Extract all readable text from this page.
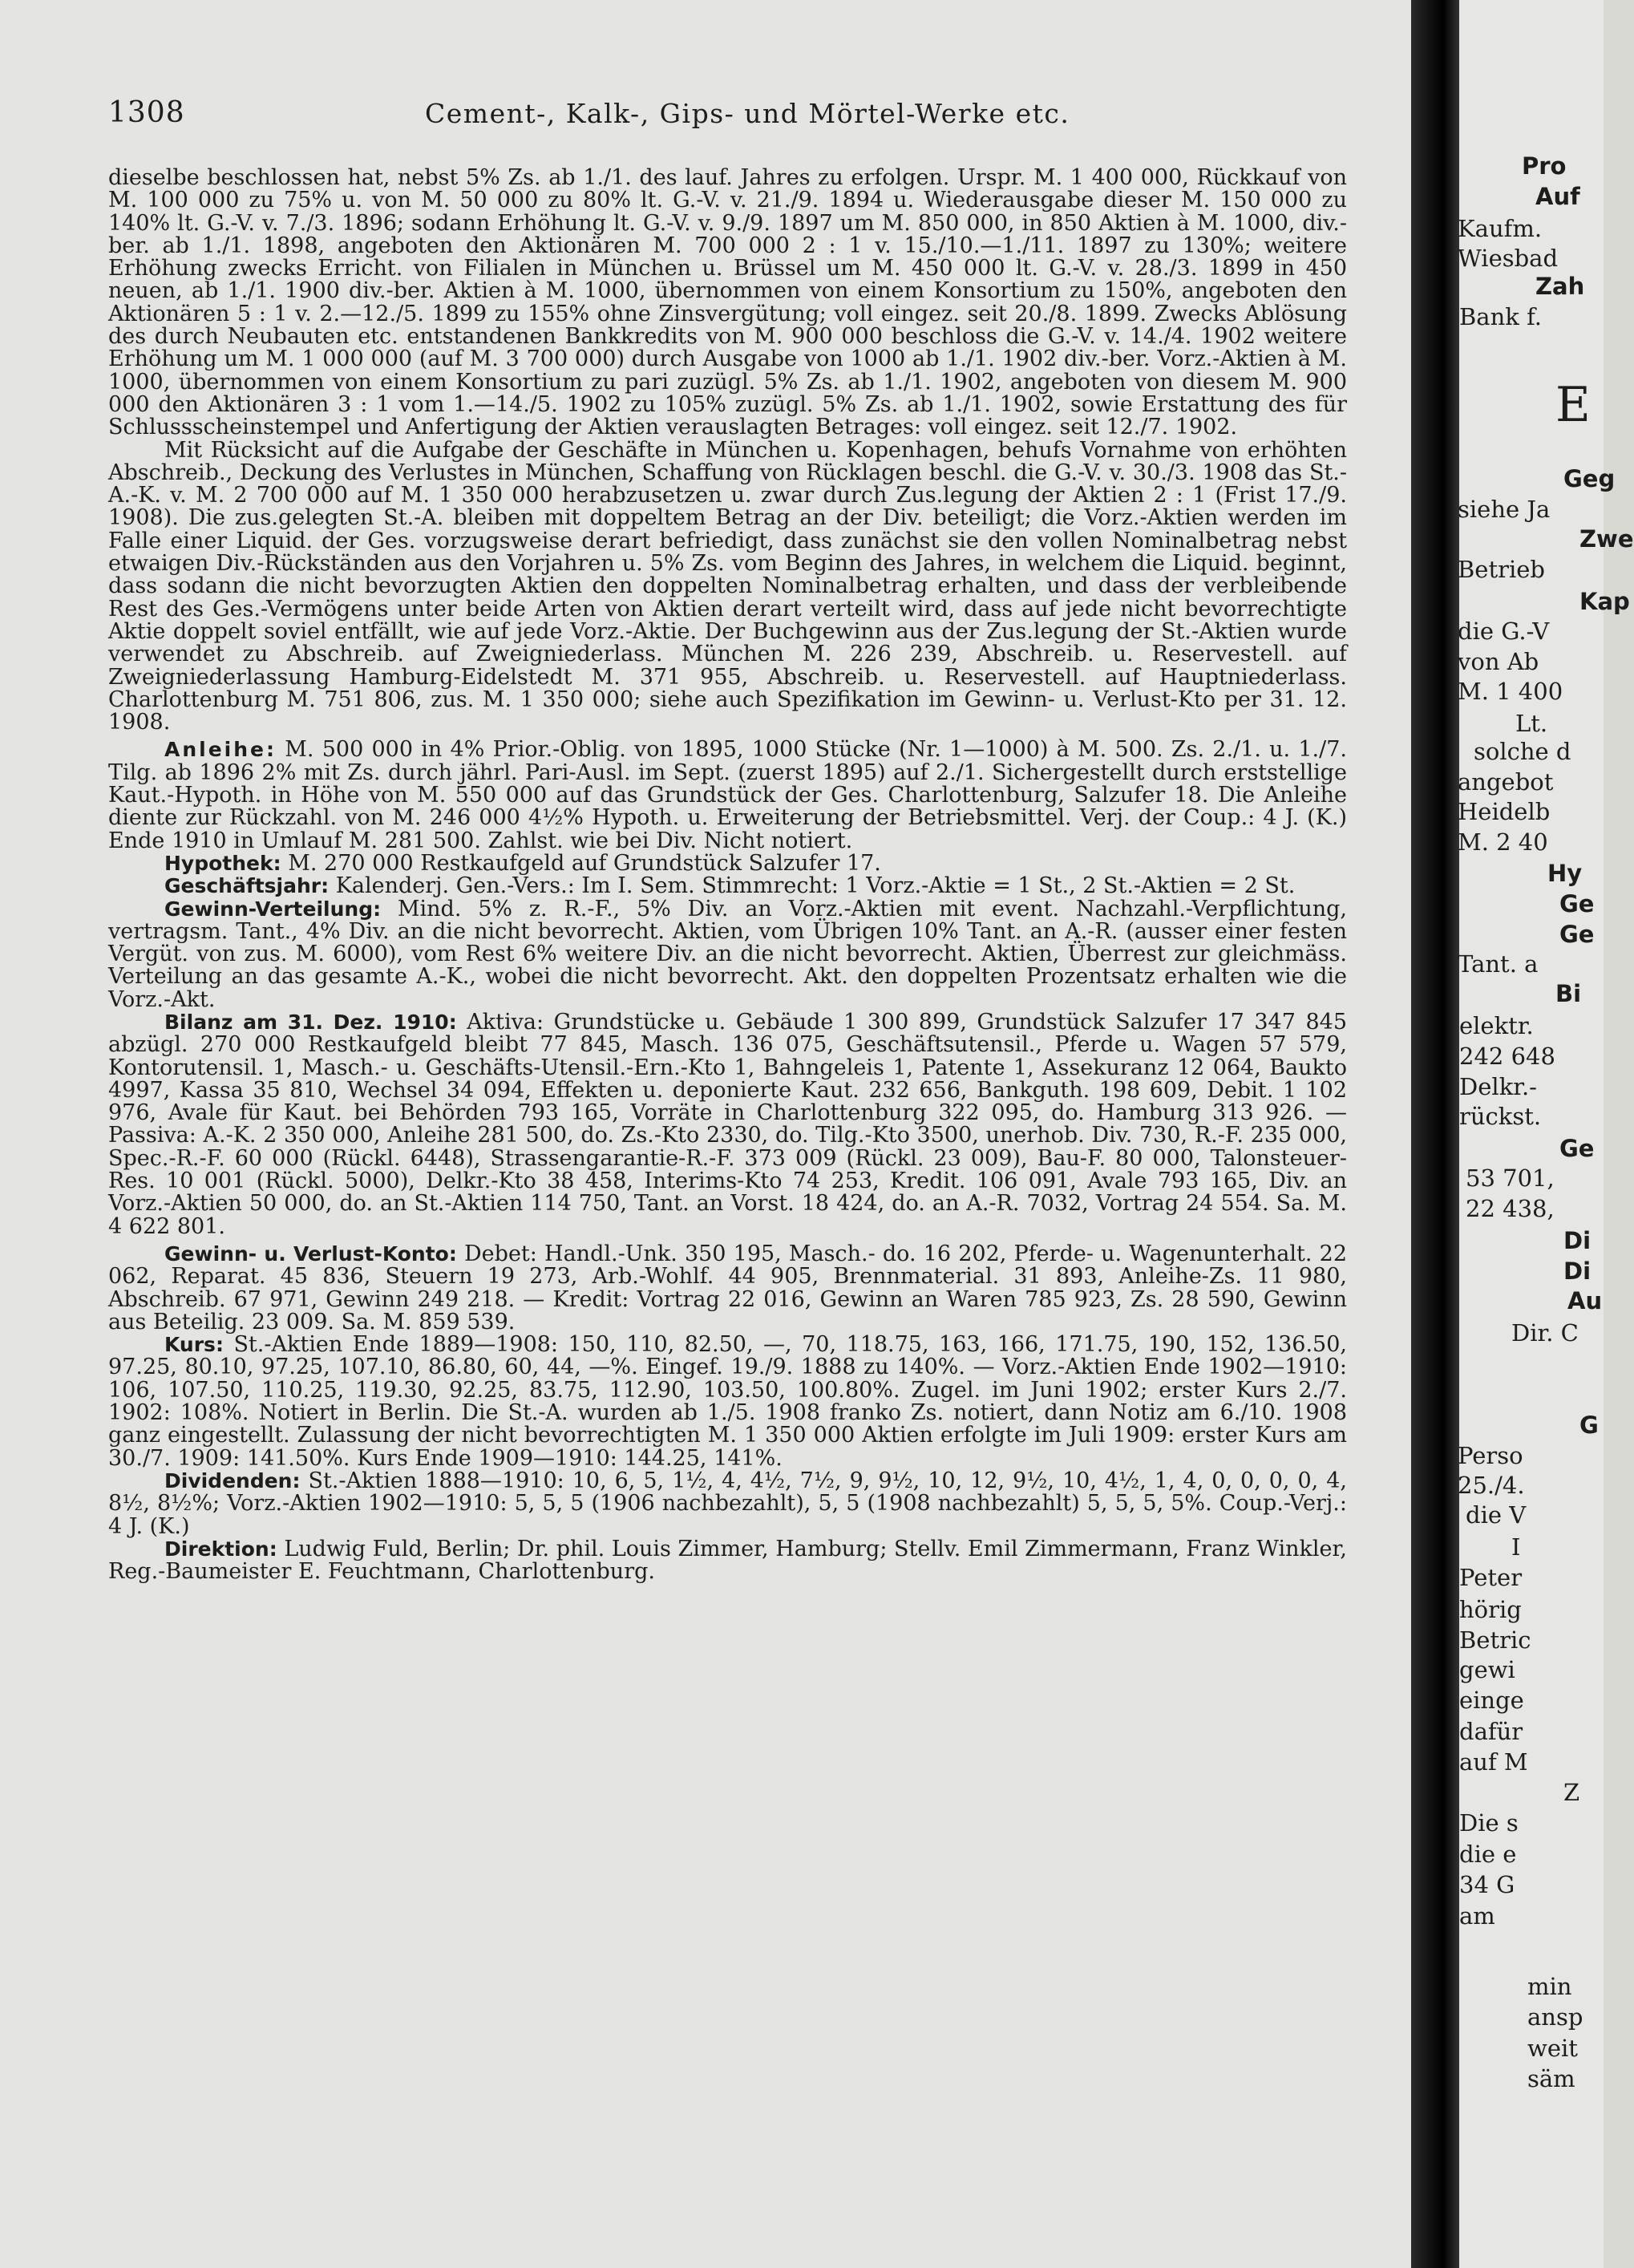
1308	Cement-, Kalk-, Gips- und Mörtel-Werke etc.

dieselbe beschlossen hat, nebst 5% Zs. ab 1./1. des lauf. Jahres zu erfolgen. Urspr. M. 1 400 000, Rückkauf von M. 100 000 zu 75% u. von M. 50 000 zu 80% lt. G.-V. v. 21./9. 1894 u. Wiederausgabe dieser M. 150 000 zu 140% lt. G.-V. v. 7./3. 1896; sodann Erhöhung lt. G.-V. v. 9./9. 1897 um M. 850 000, in 850 Aktien à M. 1000, div.-ber. ab 1./1. 1898, angeboten den Aktionären M. 700 000 2 : 1 v. 15./10.—1./11. 1897 zu 130%; weitere Erhöhung zwecks Erricht. von Filialen in München u. Brüssel um M. 450 000 lt. G.-V. v. 28./3. 1899 in 450 neuen, ab 1./1. 1900 div.-ber. Aktien à M. 1000, übernommen von einem Konsortium zu 150%, angeboten den Aktionären 5 : 1 v. 2.—12./5. 1899 zu 155% ohne Zinsvergütung; voll eingez. seit 20./8. 1899. Zwecks Ablösung des durch Neubauten etc. entstandenen Bankkredits von M. 900 000 beschloss die G.-V. v. 14./4. 1902 weitere Erhöhung um M. 1 000 000 (auf M. 3 700 000) durch Ausgabe von 1000 ab 1./1. 1902 div.-ber. Vorz.-Aktien à M. 1000, übernommen von einem Konsortium zu pari zuzügl. 5% Zs. ab 1./1. 1902, angeboten von diesem M. 900 000 den Aktionären 3 : 1 vom 1.—14./5. 1902 zu 105% zuzügl. 5% Zs. ab 1./1. 1902, sowie Erstattung des für Schlussscheinstempel und Anfertigung der Aktien verauslagten Betrages: voll eingez. seit 12./7. 1902.

Mit Rücksicht auf die Aufgabe der Geschäfte in München u. Kopenhagen, behufs Vornahme von erhöhten Abschreib., Deckung des Verlustes in München, Schaffung von Rücklagen beschl. die G.-V. v. 30./3. 1908 das St.-A.-K. v. M. 2 700 000 auf M. 1 350 000 herabzusetzen u. zwar durch Zus.legung der Aktien 2 : 1 (Frist 17./9. 1908). Die zus.gelegten St.-A. bleiben mit doppeltem Betrag an der Div. beteiligt; die Vorz.-Aktien werden im Falle einer Liquid. der Ges. vorzugsweise derart befriedigt, dass zunächst sie den vollen Nominalbetrag nebst etwaigen Div.-Rückständen aus den Vorjahren u. 5% Zs. vom Beginn des Jahres, in welchem die Liquid. beginnt, dass sodann die nicht bevorzugten Aktien den doppelten Nominalbetrag erhalten, und dass der verbleibende Rest des Ges.-Vermögens unter beide Arten von Aktien derart verteilt wird, dass auf jede nicht bevorrechtigte Aktie doppelt soviel entfällt, wie auf jede Vorz.-Aktie. Der Buchgewinn aus der Zus.legung der St.-Aktien wurde verwendet zu Abschreib. auf Zweigniederlass. München M. 226 239, Abschreib. u. Reservestell. auf Zweigniederlassung Hamburg-Eidelstedt M. 371 955, Abschreib. u. Reservestell. auf Hauptniederlass. Charlottenburg M. 751 806, zus. M. 1 350 000; siehe auch Spezifikation im Gewinn- u. Verlust-Kto per 31. 12. 1908.

Anleihe: M. 500 000 in 4% Prior.-Oblig. von 1895, 1000 Stücke (Nr. 1—1000) à M. 500. Zs. 2./1. u. 1./7. Tilg. ab 1896 2% mit Zs. durch jährl. Pari-Ausl. im Sept. (zuerst 1895) auf 2./1. Sichergestellt durch erststellige Kaut.-Hypoth. in Höhe von M. 550 000 auf das Grundstück der Ges. Charlottenburg, Salzufer 18. Die Anleihe diente zur Rückzahl. von M. 246 000 4½% Hypoth. u. Erweiterung der Betriebsmittel. Verj. der Coup.: 4 J. (K.) Ende 1910 in Umlauf M. 281 500. Zahlst. wie bei Div. Nicht notiert.

Hypothek: M. 270 000 Restkaufgeld auf Grundstück Salzufer 17.

Geschäftsjahr: Kalenderj. Gen.-Vers.: Im I. Sem. Stimmrecht: 1 Vorz.-Aktie = 1 St., 2 St.-Aktien = 2 St.

Gewinn-Verteilung: Mind. 5% z. R.-F., 5% Div. an Vorz.-Aktien mit event. Nachzahl.-Verpflichtung, vertragsm. Tant., 4% Div. an die nicht bevorrecht. Aktien, vom Übrigen 10% Tant. an A.-R. (ausser einer festen Vergüt. von zus. M. 6000), vom Rest 6% weitere Div. an die nicht bevorrecht. Aktien, Überrest zur gleichmäss. Verteilung an das gesamte A.-K., wobei die nicht bevorrecht. Akt. den doppelten Prozentsatz erhalten wie die Vorz.-Akt.

Bilanz am 31. Dez. 1910: Aktiva: Grundstücke u. Gebäude 1 300 899, Grundstück Salzufer 17 347 845 abzügl. 270 000 Restkaufgeld bleibt 77 845, Masch. 136 075, Geschäftsutensil., Pferde u. Wagen 57 579, Kontorutensil. 1, Masch.- u. Geschäfts-Utensil.-Ern.-Kto 1, Bahngeleis 1, Patente 1, Assekuranz 12 064, Baukto 4997, Kassa 35 810, Wechsel 34 094, Effekten u. deponierte Kaut. 232 656, Bankguth. 198 609, Debit. 1 102 976, Avale für Kaut. bei Behörden 793 165, Vorräte in Charlottenburg 322 095, do. Hamburg 313 926. — Passiva: A.-K. 2 350 000, Anleihe 281 500, do. Zs.-Kto 2330, do. Tilg.-Kto 3500, unerhob. Div. 730, R.-F. 235 000, Spec.-R.-F. 60 000 (Rückl. 6448), Strassengarantie-R.-F. 373 009 (Rückl. 23 009), Bau-F. 80 000, Talonsteuer-Res. 10 001 (Rückl. 5000), Delkr.-Kto 38 458, Interims-Kto 74 253, Kredit. 106 091, Avale 793 165, Div. an Vorz.-Aktien 50 000, do. an St.-Aktien 114 750, Tant. an Vorst. 18 424, do. an A.-R. 7032, Vortrag 24 554. Sa. M. 4 622 801.

Gewinn- u. Verlust-Konto: Debet: Handl.-Unk. 350 195, Masch.- do. 16 202, Pferde- u. Wagenunterhalt. 22 062, Reparat. 45 836, Steuern 19 273, Arb.-Wohlf. 44 905, Brennmaterial. 31 893, Anleihe-Zs. 11 980, Abschreib. 67 971, Gewinn 249 218. — Kredit: Vortrag 22 016, Gewinn an Waren 785 923, Zs. 28 590, Gewinn aus Beteilig. 23 009. Sa. M. 859 539.

Kurs: St.-Aktien Ende 1889—1908: 150, 110, 82.50, —, 70, 118.75, 163, 166, 171.75, 190, 152, 136.50, 97.25, 80.10, 97.25, 107.10, 86.80, 60, 44, —%. Eingef. 19./9. 1888 zu 140%. — Vorz.-Aktien Ende 1902—1910: 106, 107.50, 110.25, 119.30, 92.25, 83.75, 112.90, 103.50, 100.80%. Zugel. im Juni 1902; erster Kurs 2./7. 1902: 108%. Notiert in Berlin. Die St.-A. wurden ab 1./5. 1908 franko Zs. notiert, dann Notiz am 6./10. 1908 ganz eingestellt. Zulassung der nicht bevorrechtigten M. 1 350 000 Aktien erfolgte im Juli 1909: erster Kurs am 30./7. 1909: 141.50%. Kurs Ende 1909—1910: 144.25, 141%.

Dividenden: St.-Aktien 1888—1910: 10, 6, 5, 1½, 4, 4½, 7½, 9, 9½, 10, 12, 9½, 10, 4½, 1, 4, 0, 0, 0, 0, 4, 8½, 8½%; Vorz.-Aktien 1902—1910: 5, 5, 5 (1906 nachbezahlt), 5, 5 (1908 nachbezahlt) 5, 5, 5, 5%. Coup.-Verj.: 4 J. (K.)

Direktion: Ludwig Fuld, Berlin; Dr. phil. Louis Zimmer, Hamburg; Stellv. Emil Zimmermann, Franz Winkler, Reg.-Baumeister E. Feuchtmann, Charlottenburg.

Pro
Auf
Kaufm.
Wiesbad
Zah
Bank f.
E
Geg
siehe Ja
Zwe
Betrieb
Kap
die G.-V
von Ab
M. 1 400
Lt.
solche d
angebot
Heidelb
M. 2 40
Hy
Ge
Ge
Tant. a
Bi
elektr.
242 648
Delkr.-
rückst.
Ge
53 701,
22 438,
Di
Di
Au
Dir. C
G
Perso
25./4.
die V
I
Peter
hörig
Betric
gewi
einge
dafür
auf M
Z
Die s
die e
34 G
am
min
ansp
weit
säm
